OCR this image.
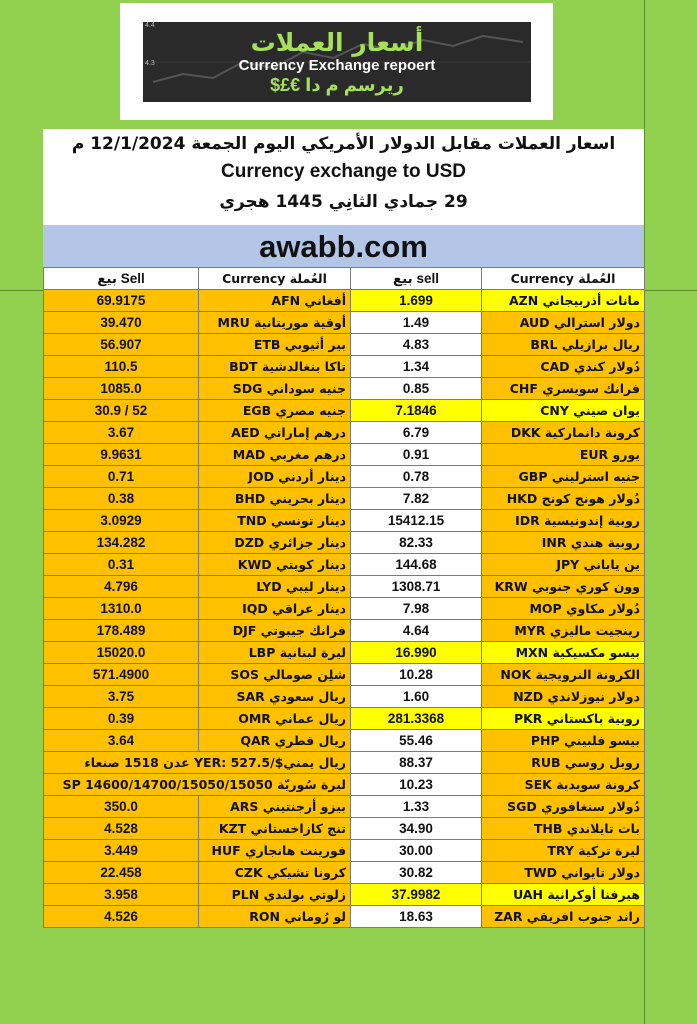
4.4
4.3
أسعار العملات
Currency Exchange repoert
ريرسم م دا €£$
اسعار العملات مقابل الدولار الأمريكي اليوم الجمعة 12/1/2024 م
Currency exchange to USD
29 جمادي الثانِي 1445 هجري
awabb.com
بيع Sell	العُملة Currency	بيع sell	العُملة Currency
69.9175	أفغاني AFN	1.699	مانات أذربيجاني AZN
39.470	أوقية موريتانية MRU	1.49	دولار استرالي AUD
56.907	بير أثيوبي ETB	4.83	ريال برازيلي BRL
110.5	تاكا بنغالدشية BDT	1.34	دُولار كندي CAD
1085.0	جنيه سوداني SDG	0.85	فرانك سويسري CHF
30.9 / 52	جنيه مصري EGB	7.1846	يوان صيني CNY
3.67	درهم إماراتي AED	6.79	كرونة دانماركية DKK
9.9631	درهم مغربي MAD	0.91	يورو EUR
0.71	دينار أردني JOD	0.78	جنيه استرليني GBP
0.38	دينار بحريني BHD	7.82	دُولار هونج كونج HKD
3.0929	دينار تونسي TND	15412.15	روبية إندونيسية IDR
134.282	دينار جزائري DZD	82.33	روبية هندي INR
0.31	دينار كويتي KWD	144.68	ين ياباني JPY
4.796	دينار ليبي LYD	1308.71	وون كوري جنوبي KRW
1310.0	دينار عراقي IQD	7.98	دُولار مكاوي MOP
178.489	فرانك جيبوتي DJF	4.64	رينجيت ماليزي MYR
15020.0	ليرة لبنانية LBP	16.990	بيسو مكسيكية MXN
571.4900	شلِن صومالي SOS	10.28	الكرونة النرويجية NOK
3.75	ريال سعودي SAR	1.60	دولار نيوزلاندي NZD
0.39	ريال عماني OMR	281.3368	روبية باكستاني PKR
3.64	ريال قطري QAR	55.46	بيسو فلبيني PHP
ريال يمني$/YER: 527.5 عدن 1518 صنعاء		88.37	روبل روسي RUB
ليرة سُوريّة SP 14600/14700/15050/15050		10.23	كرونة سويدية SEK
350.0	بيزو أرجنتيني ARS	1.33	دُولار سنغافوري SGD
4.528	تنج كازاخستاني KZT	34.90	بات تايلاندي THB
3.449	فورينت هانجاري HUF	30.00	ليرة تركية TRY
22.458	كرونا تشيكي CZK	30.82	دولار تايواني TWD
3.958	زلوتي بولندي PLN	37.9982	هيرفنا أوكرانية UAH
4.526	لو رُوماني RON	18.63	راند جنوب افريقي ZAR
